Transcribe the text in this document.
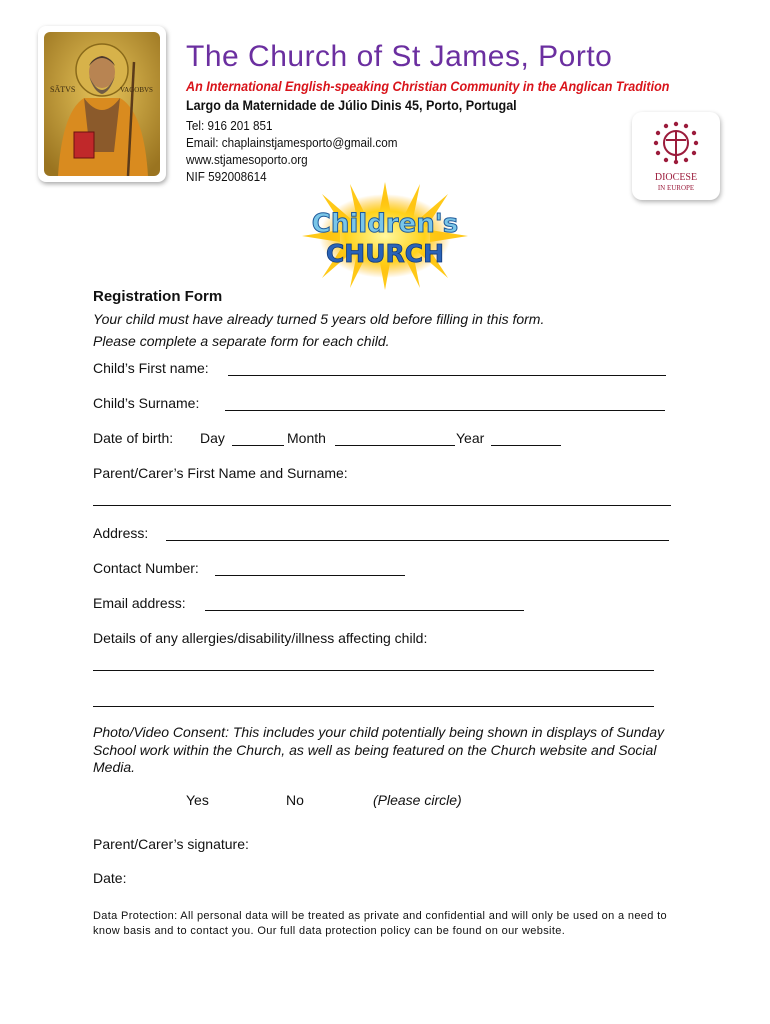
SĀTVS	VAGOBVS
The Church of St James, Porto
An International English-speaking Christian Community in the Anglican Tradition
Largo da Maternidade de Júlio Dinis 45, Porto, Portugal
Tel: 916 201 851
Email: chaplainstjamesporto@gmail.com
www.stjamesoporto.org
NIF 592008614	DIOCESE
IN EUROPE
Children's
CHURCH
Registration Form
Your child must have already turned 5 years old before filling in this form.
Please complete a separate form for each child.
Child’s First name:
Child’s Surname:
Date of birth: Day	Month	Year
Parent/Carer’s First Name and Surname:
Address:
Contact Number:
Email address:
Details of any allergies/disability/illness affecting child:
Photo/Video Consent: This includes your child potentially being shown in displays of Sunday School work within the Church, as well as being featured on the Church website and Social Media.
Yes	No	(Please circle)
Parent/Carer’s signature:
Date:
Data Protection: All personal data will be treated as private and confidential and will only be used on a need to know basis and to contact you. Our full data protection policy can be found on our website.
